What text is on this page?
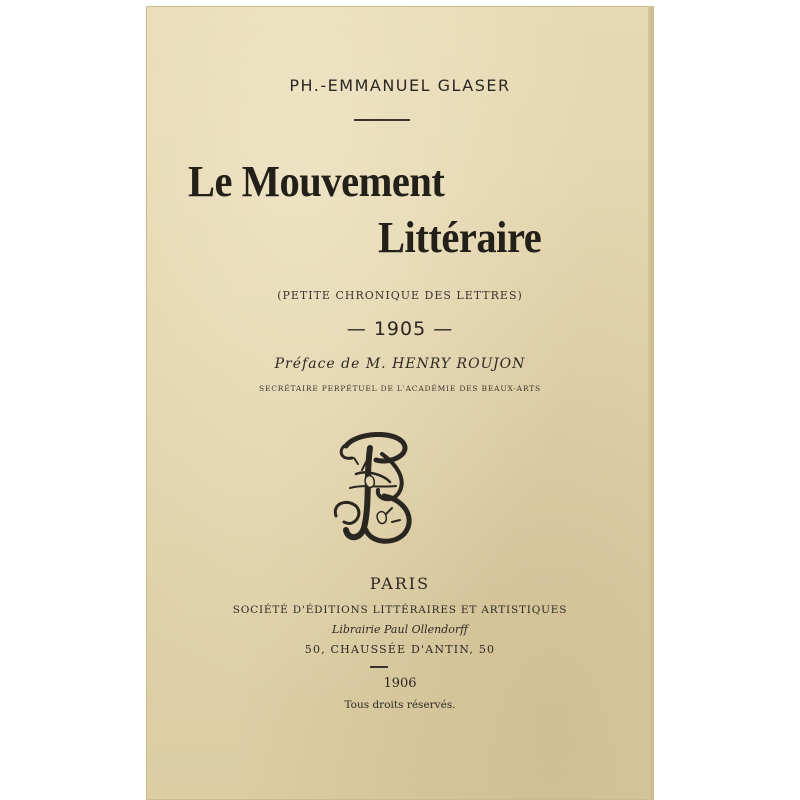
PH.-EMMANUEL GLASER
Le Mouvement
Littéraire
(PETITE CHRONIQUE DES LETTRES)
— 1905 —
Préface de M. HENRY ROUJON
SECRÉTAIRE PERPÉTUEL DE L'ACADÉMIE DES BEAUX-ARTS
PARIS
SOCIÉTÉ D'ÉDITIONS LITTÉRAIRES ET ARTISTIQUES
Librairie Paul Ollendorff
50, CHAUSSÉE D'ANTIN, 50
1906
Tous droits réservés.
